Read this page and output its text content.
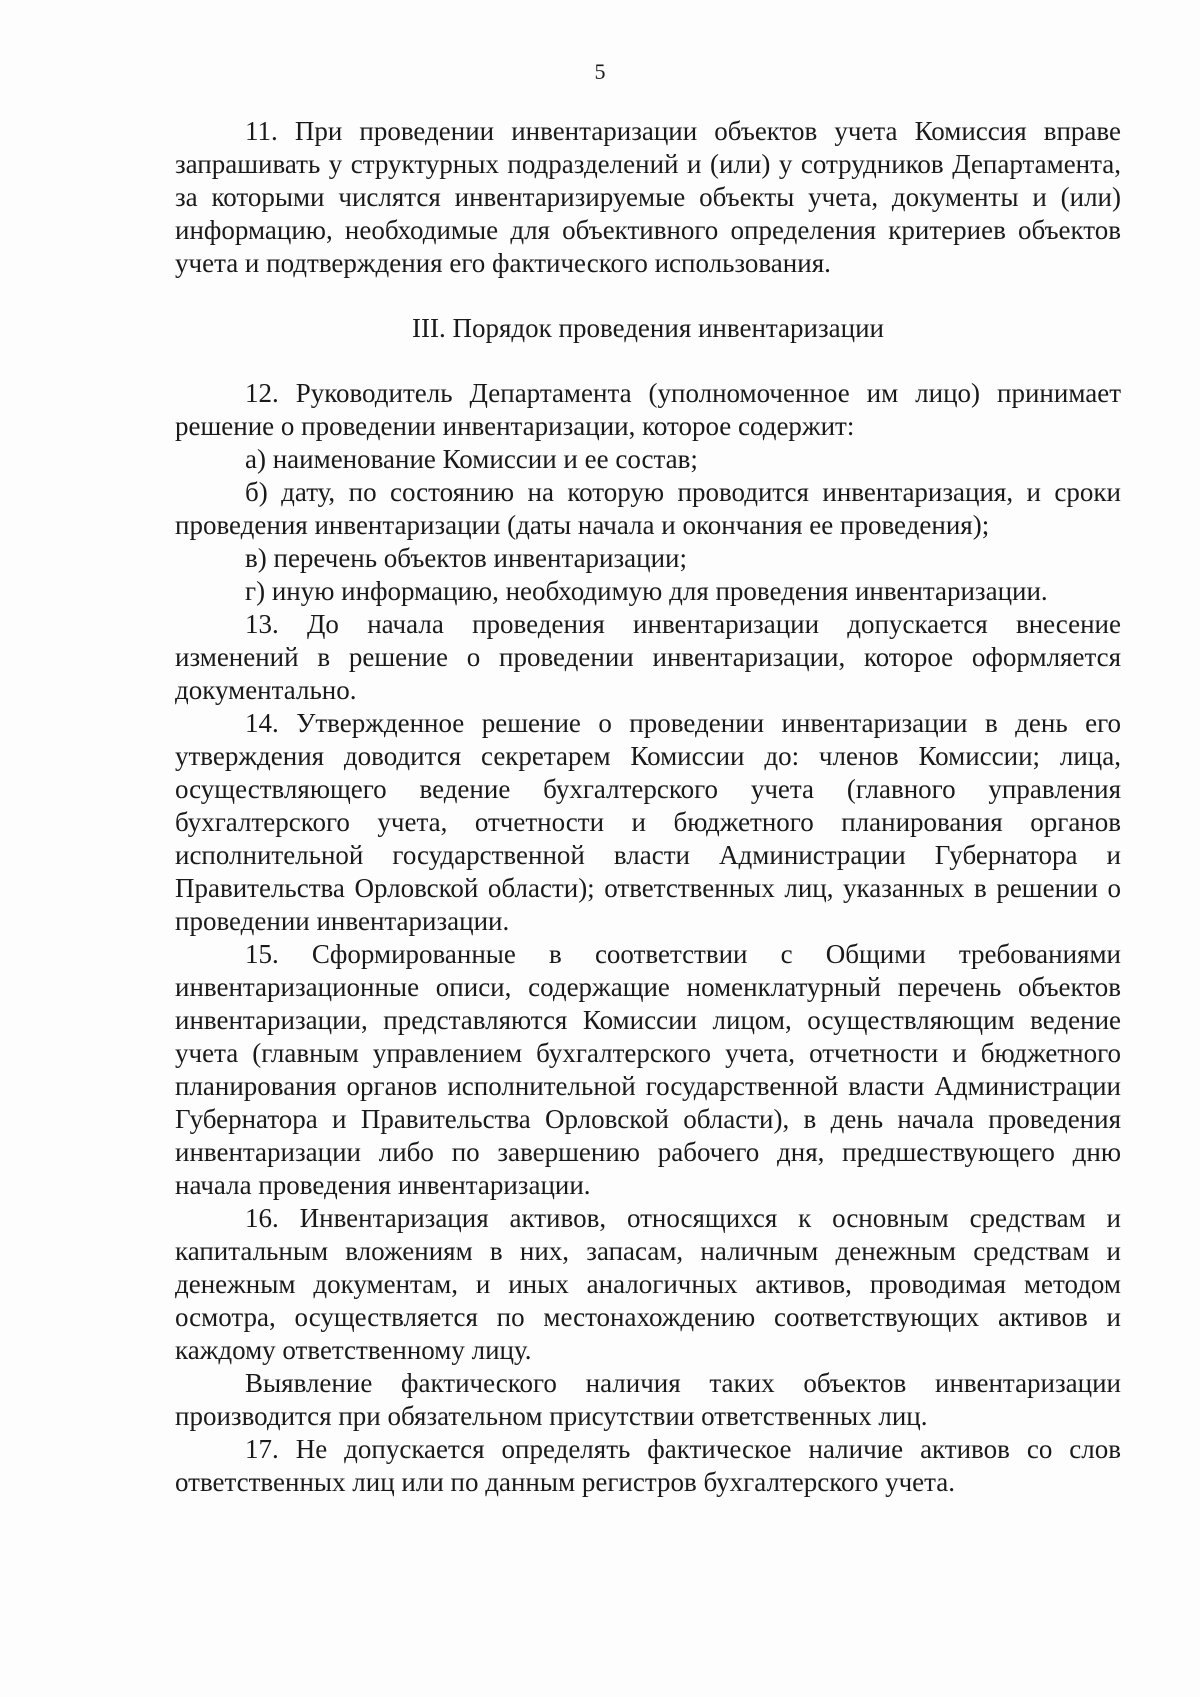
5

11. При проведении инвентаризации объектов учета Комиссия вправе запрашивать у структурных подразделений и (или) у сотрудников Департамента, за которыми числятся инвентаризируемые объекты учета, документы и (или) информацию, необходимые для объективного определения критериев объектов учета и подтверждения его фактического использования.

III. Порядок проведения инвентаризации

12. Руководитель Департамента (уполномоченное им лицо) принимает решение о проведении инвентаризации, которое содержит:

а) наименование Комиссии и ее состав;

б) дату, по состоянию на которую проводится инвентаризация, и сроки проведения инвентаризации (даты начала и окончания ее проведения);

в) перечень объектов инвентаризации;

г) иную информацию, необходимую для проведения инвентаризации.

13. До начала проведения инвентаризации допускается внесение изменений в решение о проведении инвентаризации, которое оформляется документально.

14. Утвержденное решение о проведении инвентаризации в день его утверждения доводится секретарем Комиссии до: членов Комиссии; лица, осуществляющего ведение бухгалтерского учета (главного управления бухгалтерского учета, отчетности и бюджетного планирования органов исполнительной государственной власти Администрации Губернатора и Правительства Орловской области); ответственных лиц, указанных в решении о проведении инвентаризации.

15. Сформированные в соответствии с Общими требованиями инвентаризационные описи, содержащие номенклатурный перечень объектов инвентаризации, представляются Комиссии лицом, осуществляющим ведение учета (главным управлением бухгалтерского учета, отчетности и бюджетного планирования органов исполнительной государственной власти Администрации Губернатора и Правительства Орловской области), в день начала проведения инвентаризации либо по завершению рабочего дня, предшествующего дню начала проведения инвентаризации.

16. Инвентаризация активов, относящихся к основным средствам и капитальным вложениям в них, запасам, наличным денежным средствам и денежным документам, и иных аналогичных активов, проводимая методом осмотра, осуществляется по местонахождению соответствующих активов и каждому ответственному лицу.

Выявление фактического наличия таких объектов инвентаризации производится при обязательном присутствии ответственных лиц.

17. Не допускается определять фактическое наличие активов со слов ответственных лиц или по данным регистров бухгалтерского учета.
